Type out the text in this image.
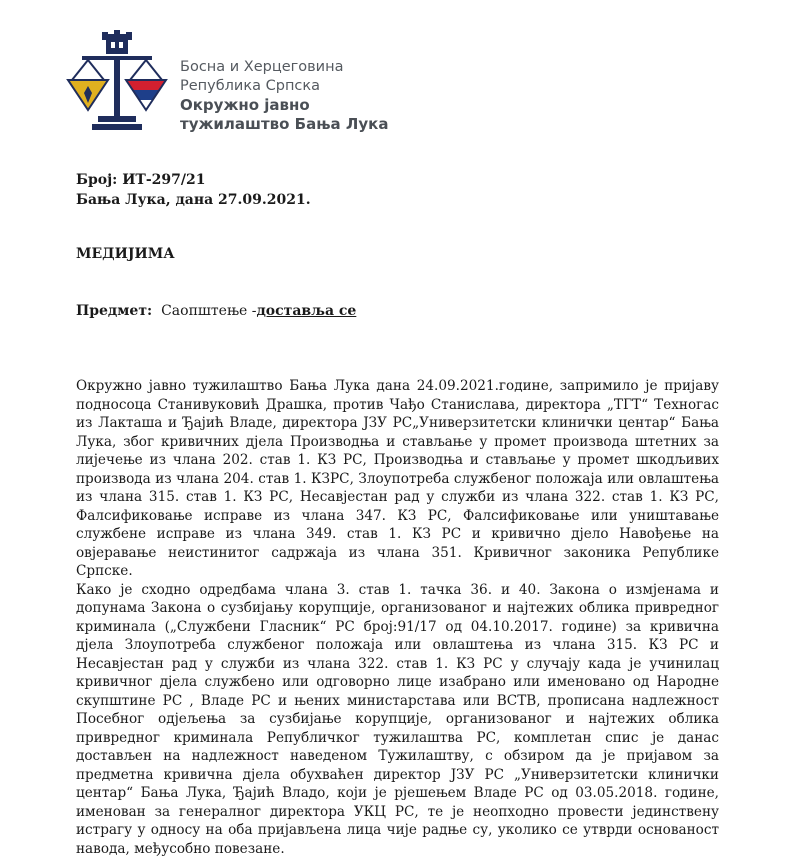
Босна и Херцеговина
Република Српска
Окружно јавно
тужилаштво Бања Лука
Број: ИТ-297/21
Бања Лука, дана 27.09.2021.
МЕДИЈИМА
Предмет: Саопштење -доставља се

Окружно јавно тужилаштво Бања Лука дана 24.09.2021.године, запримило је пријаву подносоца Станивуковић Драшка, против Чађо Станислава, директора „ТГТ“ Техногас из Лакташа и Ђајић Владе, директора ЈЗУ РС„Универзитетски клинички центар“ Бања Лука, због кривичних дјела Производња и стављање у промет производа штетних за лијечење из члана 202. став 1. КЗ РС, Производња и стављање у промет шкодљивих производа из члана 204. став 1. КЗРС, Злоупотреба службеног положаја или овлаштења из члана 315. став 1. КЗ РС, Несавјестан рад у служби из члана 322. став 1. КЗ РС, Фалсификовање исправе из члана 347. КЗ РС, Фалсификовање или уништавање службене исправе из члана 349. став 1. КЗ РС и кривично дјело Навођење на овјеравање неистинитог садржаја из члана 351. Кривичног законика Републике Српске.

Како је сходно одредбама члана 3. став 1. тачка 36. и 40. Закона о измјенама и допунама Закона о сузбијању корупције, организованог и најтежих облика привредног криминала („Службени Гласник“ РС број:91/17 од 04.10.2017. године) за кривична дјела Злоупотреба службеног положаја или овлаштења из члана 315. КЗ РС и Несавјестан рад у служби из члана 322. став 1. КЗ РС у случају када је учинилац кривичног дјела службено или одговорно лице изабрано или именовано од Народне скупштине РС , Владе РС и њених министарстава или ВСТВ, прописана надлежност Посебног одјељења за сузбијање корупције, организованог и најтежих облика привредног криминала Републичког тужилаштва РС, комплетан спис је данас достављен на надлежност наведеном Тужилаштву, с обзиром да је пријавом за предметна кривична дјела обухваћен директор ЈЗУ РС „Универзитетски клинички центар“ Бања Лука, Ђајић Владо, који је рјешењем Владе РС од 03.05.2018. године, именован за генералног директора УКЦ РС, те је неопходно провести јединствену истрагу у односу на оба пријављена лица чије радње су, уколико се утврди основаност навода, међусобно повезане.
